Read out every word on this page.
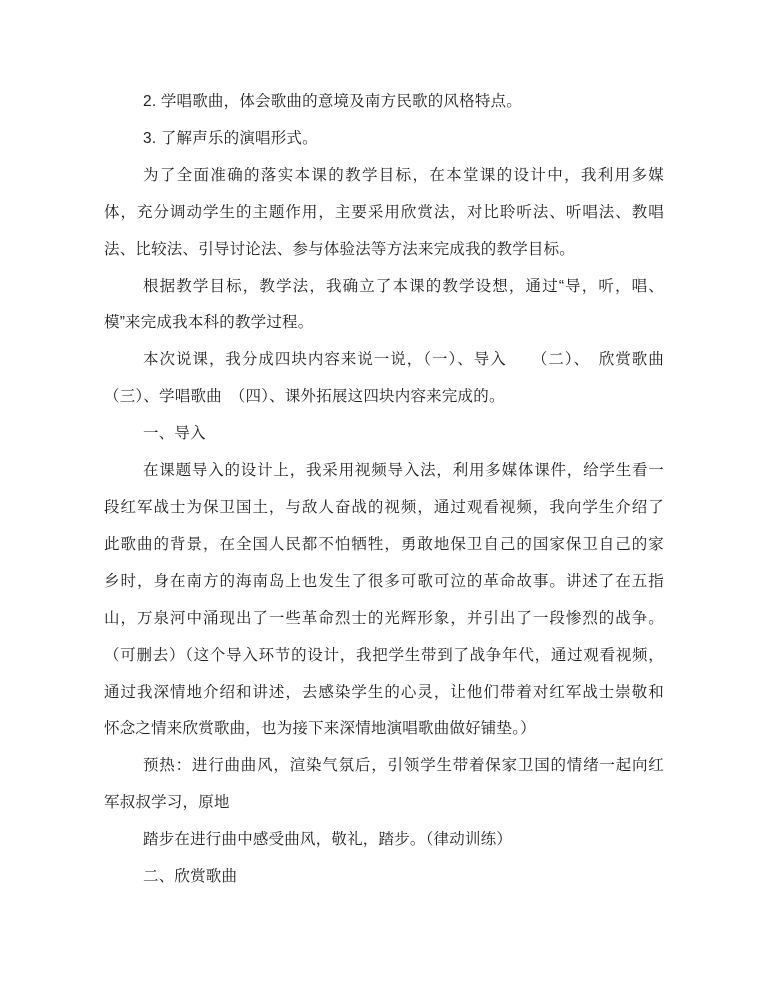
2. 学唱歌曲，体会歌曲的意境及南方民歌的风格特点。
3. 了解声乐的演唱形式。
为了全面准确的落实本课的教学目标，在本堂课的设计中，我利用多媒
体，充分调动学生的主题作用，主要采用欣赏法，对比聆听法、听唱法、教唱
法、比较法、引导讨论法、参与体验法等方法来完成我的教学目标。
根据教学目标，教学法，我确立了本课的教学设想，通过“导，听，唱、
模”来完成我本科的教学过程。
本次说课，我分成四块内容来说一说，（一）、导入　　（二）、　欣赏歌曲
（三）、学唱歌曲　（四）、课外拓展这四块内容来完成的。
一、导入
在课题导入的设计上，我采用视频导入法，利用多媒体课件，给学生看一
段红军战士为保卫国土，与敌人奋战的视频，通过观看视频，我向学生介绍了
此歌曲的背景，在全国人民都不怕牺牲，勇敢地保卫自己的国家保卫自己的家
乡时，身在南方的海南岛上也发生了很多可歌可泣的革命故事。讲述了在五指
山，万泉河中涌现出了一些革命烈士的光辉形象，并引出了一段惨烈的战争。
（可删去）（这个导入环节的设计，我把学生带到了战争年代，通过观看视频，
通过我深情地介绍和讲述，去感染学生的心灵，让他们带着对红军战士崇敬和
怀念之情来欣赏歌曲，也为接下来深情地演唱歌曲做好铺垫。）
预热：进行曲曲风，渲染气氛后，引领学生带着保家卫国的情绪一起向红
军叔叔学习，原地
踏步在进行曲中感受曲风，敬礼，踏步。（律动训练）
二、欣赏歌曲
